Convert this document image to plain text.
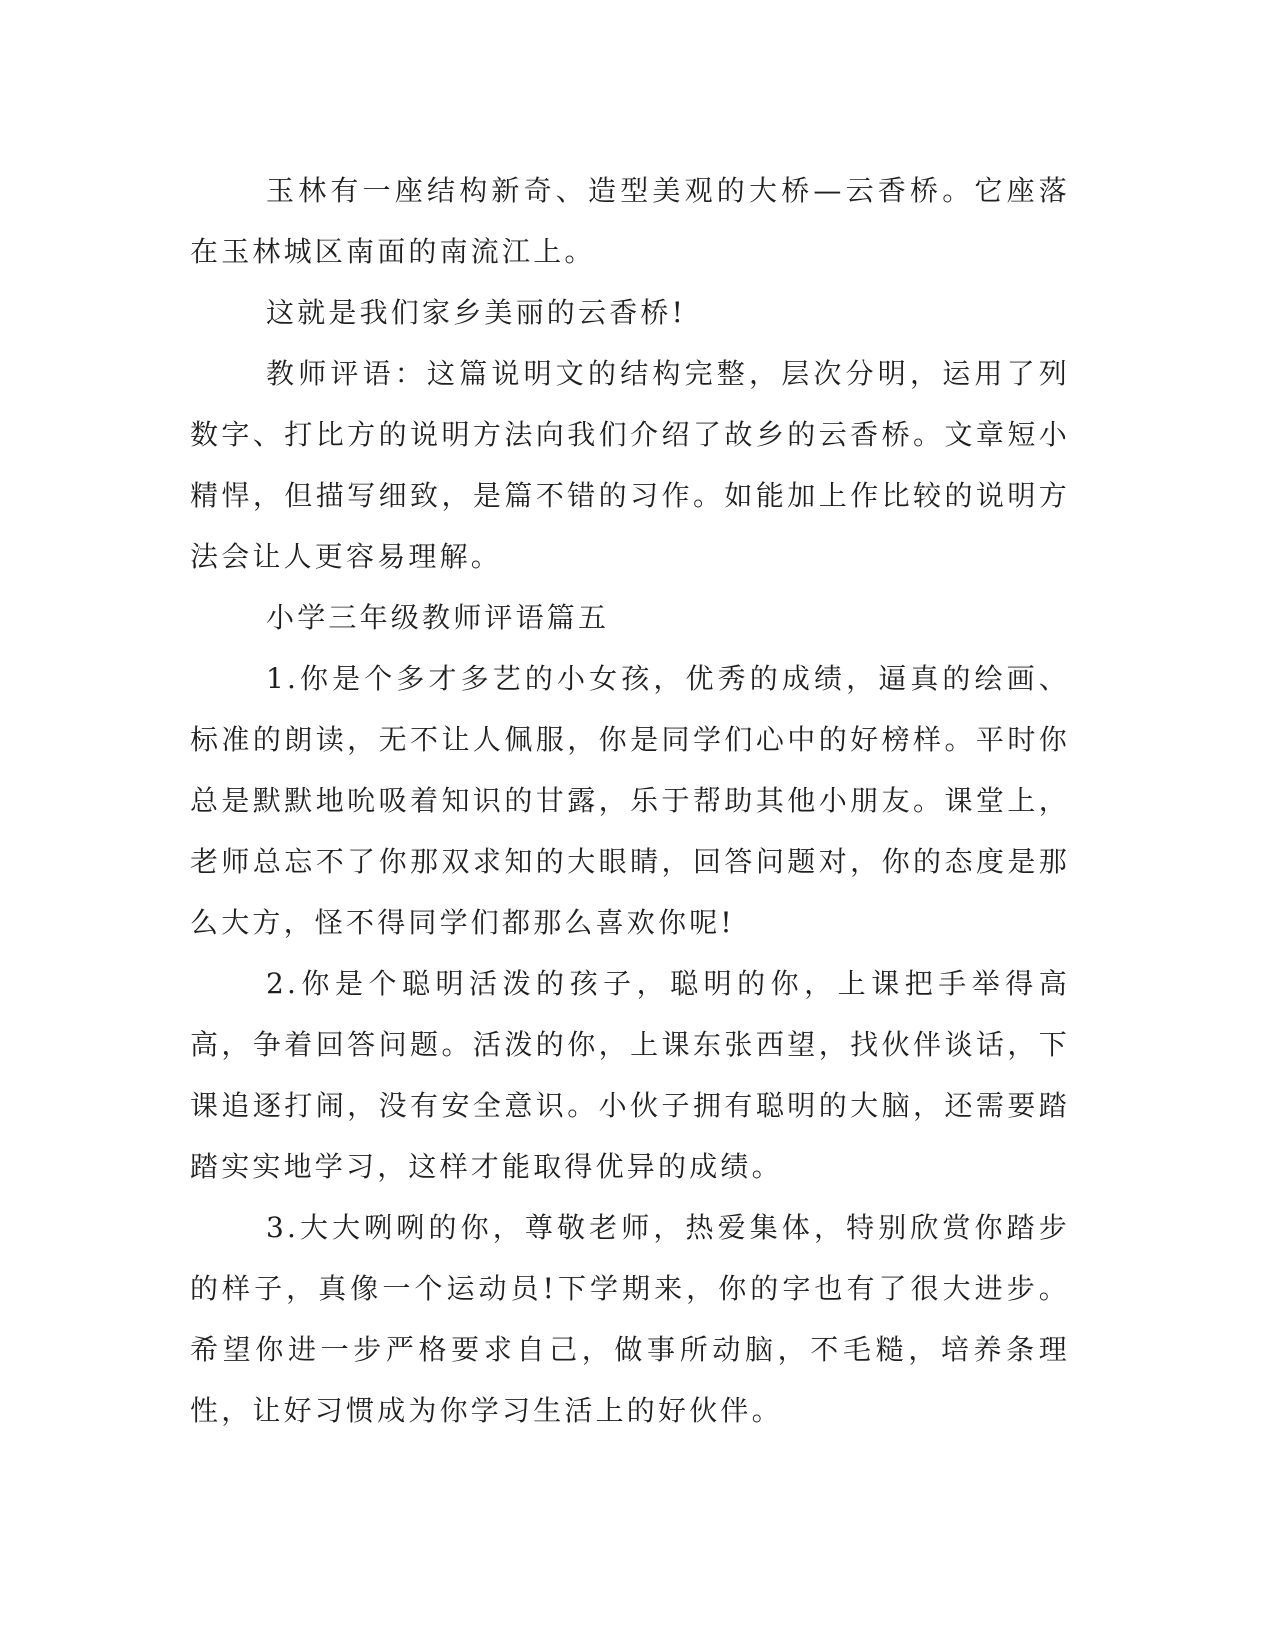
玉林有一座结构新奇、造型美观的大桥—云香桥。它座落在玉林城区南面的南流江上。

这就是我们家乡美丽的云香桥!

教师评语：这篇说明文的结构完整，层次分明，运用了列数字、打比方的说明方法向我们介绍了故乡的云香桥。文章短小精悍，但描写细致，是篇不错的习作。如能加上作比较的说明方法会让人更容易理解。

小学三年级教师评语篇五

1.你是个多才多艺的小女孩，优秀的成绩，逼真的绘画、标准的朗读，无不让人佩服，你是同学们心中的好榜样。平时你总是默默地吮吸着知识的甘露，乐于帮助其他小朋友。课堂上，老师总忘不了你那双求知的大眼睛，回答问题对，你的态度是那么大方，怪不得同学们都那么喜欢你呢!

2.你是个聪明活泼的孩子，聪明的你，上课把手举得高高，争着回答问题。活泼的你，上课东张西望，找伙伴谈话，下课追逐打闹，没有安全意识。小伙子拥有聪明的大脑，还需要踏踏实实地学习，这样才能取得优异的成绩。

3.大大咧咧的你，尊敬老师，热爱集体，特别欣赏你踏步的样子，真像一个运动员!下学期来，你的字也有了很大进步。希望你进一步严格要求自己，做事所动脑，不毛糙，培养条理性，让好习惯成为你学习生活上的好伙伴。
